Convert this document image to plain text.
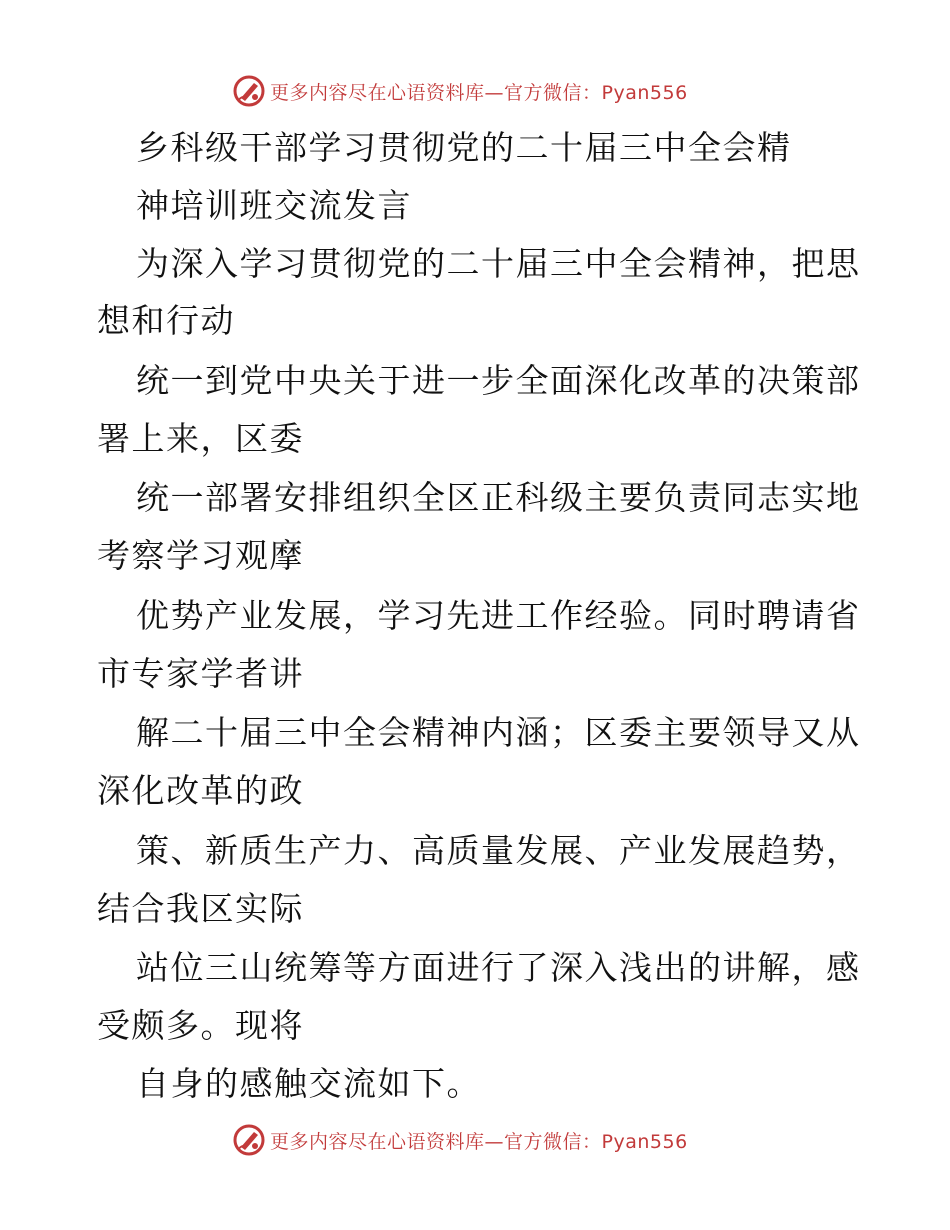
更多内容尽在心语资料库—官方微信：Pyan556
乡科级干部学习贯彻党的二十届三中全会精
神培训班交流发言
为深入学习贯彻党的二十届三中全会精神，把思
想和行动
统一到党中央关于进一步全面深化改革的决策部
署上来，区委
统一部署安排组织全区正科级主要负责同志实地
考察学习观摩
优势产业发展，学习先进工作经验。同时聘请省
市专家学者讲
解二十届三中全会精神内涵；区委主要领导又从
深化改革的政
策、新质生产力、高质量发展、产业发展趋势，
结合我区实际
站位三山统筹等方面进行了深入浅出的讲解，感
受颇多。现将
自身的感触交流如下。
更多内容尽在心语资料库—官方微信：Pyan556
